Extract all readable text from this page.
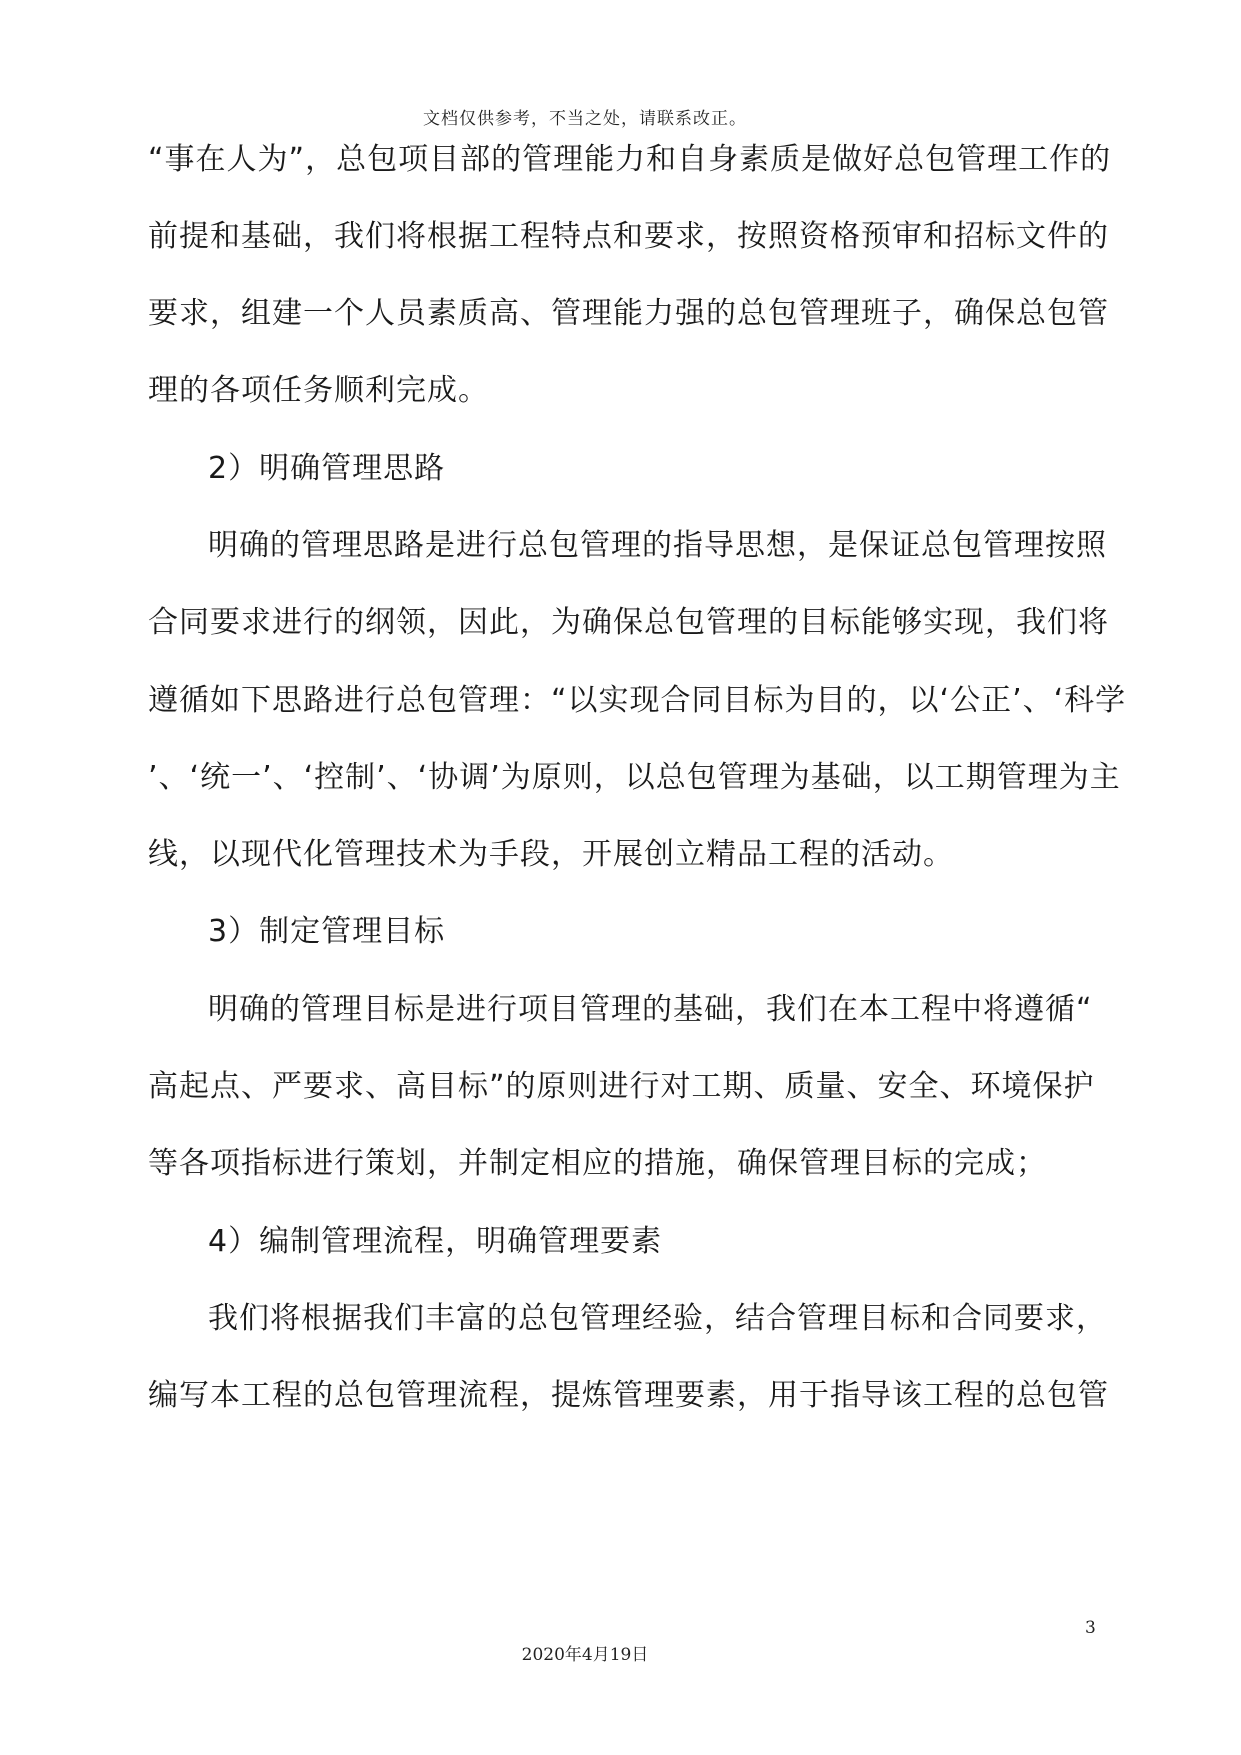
文档仅供参考，不当之处，请联系改正。
“事在人为”，总包项目部的管理能力和自身素质是做好总包管理工作的
前提和基础，我们将根据工程特点和要求，按照资格预审和招标文件的
要求，组建一个人员素质高、管理能力强的总包管理班子，确保总包管
理的各项任务顺利完成。
2）明确管理思路
明确的管理思路是进行总包管理的指导思想，是保证总包管理按照
合同要求进行的纲领，因此，为确保总包管理的目标能够实现，我们将
遵循如下思路进行总包管理：“以实现合同目标为目的，以‘公正’、‘科学
’、‘统一’、‘控制’、‘协调’为原则，以总包管理为基础，以工期管理为主
线，以现代化管理技术为手段，开展创立精品工程的活动。
3）制定管理目标
明确的管理目标是进行项目管理的基础，我们在本工程中将遵循“
高起点、严要求、高目标”的原则进行对工期、质量、安全、环境保护
等各项指标进行策划，并制定相应的措施，确保管理目标的完成；
4）编制管理流程，明确管理要素
我们将根据我们丰富的总包管理经验，结合管理目标和合同要求，
编写本工程的总包管理流程，提炼管理要素，用于指导该工程的总包管
3
2020年4月19日
